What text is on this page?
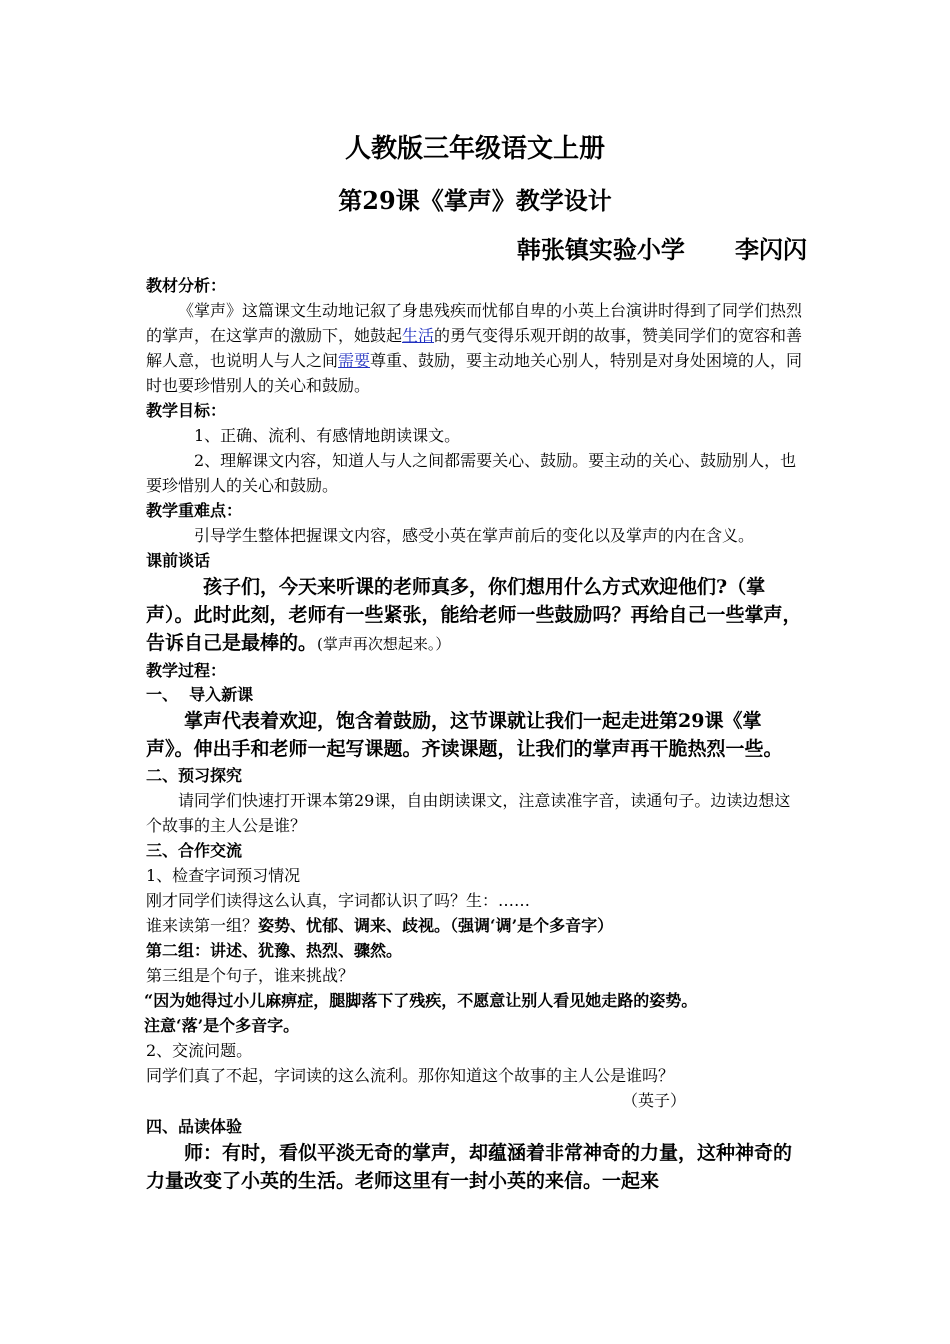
人教版三年级语文上册
第29课《掌声》教学设计
韩张镇实验小学      李闪闪
教材分析：

《掌声》这篇课文生动地记叙了身患残疾而忧郁自卑的小英上台演讲时得到了同学们热烈的掌声，在这掌声的激励下，她鼓起生活的勇气变得乐观开朗的故事，赞美同学们的宽容和善解人意，也说明人与人之间需要尊重、鼓励，要主动地关心别人，特别是对身处困境的人，同时也要珍惜别人的关心和鼓励。

教学目标：

1、正确、流利、有感情地朗读课文。

2、理解课文内容，知道人与人之间都需要关心、鼓励。要主动的关心、鼓励别人，也要珍惜别人的关心和鼓励。

教学重难点：

引导学生整体把握课文内容，感受小英在掌声前后的变化以及掌声的内在含义。

课前谈话

孩子们，今天来听课的老师真多，你们想用什么方式欢迎他们?（掌声）。此时此刻，老师有一些紧张，能给老师一些鼓励吗？再给自己一些掌声，告诉自己是最棒的。(掌声再次想起来。）

教学过程：
一、  导入新课

掌声代表着欢迎，饱含着鼓励，这节课就让我们一起走进第29课《掌声》。伸出手和老师一起写课题。齐读课题，让我们的掌声再干脆热烈一些。

二、预习探究

请同学们快速打开课本第29课，自由朗读课文，注意读准字音，读通句子。边读边想这个故事的主人公是谁？

三、合作交流

1、检查字词预习情况

刚才同学们读得这么认真，字词都认识了吗？生：……

谁来读第一组？姿势、忧郁、调来、歧视。（强调‘调’是个多音字）

第二组：讲述、犹豫、热烈、骤然。

第三组是个句子，谁来挑战？

“因为她得过小儿麻痹症，腿脚落下了残疾，不愿意让别人看见她走路的姿势。

注意‘落’是个多音字。

2、交流问题。

同学们真了不起，字词读的这么流利。那你知道这个故事的主人公是谁吗？

（英子）

四、品读体验

师：有时，看似平淡无奇的掌声，却蕴涵着非常神奇的力量，这种神奇的力量改变了小英的生活。老师这里有一封小英的来信。一起来
